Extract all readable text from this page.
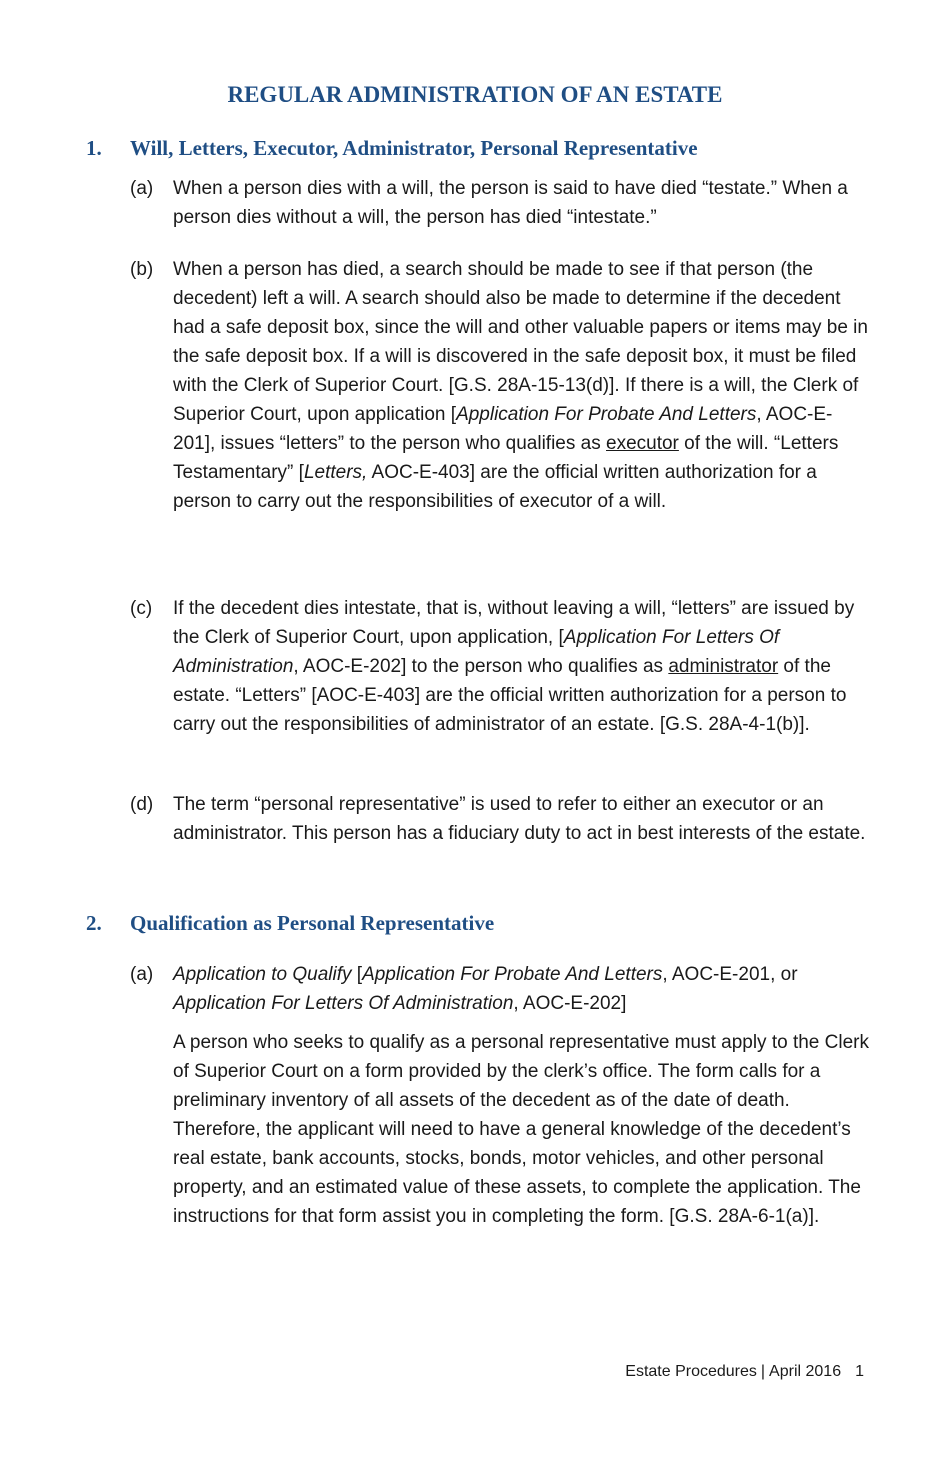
REGULAR ADMINISTRATION OF AN ESTATE
1. Will, Letters, Executor, Administrator, Personal Representative
(a) When a person dies with a will, the person is said to have died “testate.” When a person dies without a will, the person has died “intestate.”

(b) When a person has died, a search should be made to see if that person (the decedent) left a will. A search should also be made to determine if the decedent had a safe deposit box, since the will and other valuable papers or items may be in the safe deposit box. If a will is discovered in the safe deposit box, it must be filed with the Clerk of Superior Court. [G.S. 28A-15-13(d)]. If there is a will, the Clerk of Superior Court, upon application [Application For Probate And Letters, AOC-E-201], issues “letters” to the person who qualifies as executor of the will. “Letters Testamentary” [Letters, AOC-E-403] are the official written authorization for a person to carry out the responsibilities of executor of a will.

(c) If the decedent dies intestate, that is, without leaving a will, “letters” are issued by the Clerk of Superior Court, upon application, [Application For Letters Of Administration, AOC-E-202] to the person who qualifies as administrator of the estate. “Letters” [AOC-E-403] are the official written authorization for a person to carry out the responsibilities of administrator of an estate. [G.S. 28A-4-1(b)].

(d) The term “personal representative” is used to refer to either an executor or an administrator. This person has a fiduciary duty to act in best interests of the estate.

2. Qualification as Personal Representative
(a) Application to Qualify [Application For Probate And Letters, AOC-E-201, or Application For Letters Of Administration, AOC-E-202]

A person who seeks to qualify as a personal representative must apply to the Clerk of Superior Court on a form provided by the clerk’s office. The form calls for a preliminary inventory of all assets of the decedent as of the date of death. Therefore, the applicant will need to have a general knowledge of the decedent’s real estate, bank accounts, stocks, bonds, motor vehicles, and other personal property, and an estimated value of these assets, to complete the application. The instructions for that form assist you in completing the form. [G.S. 28A-6-1(a)].

Estate Procedures | April 2016 1
